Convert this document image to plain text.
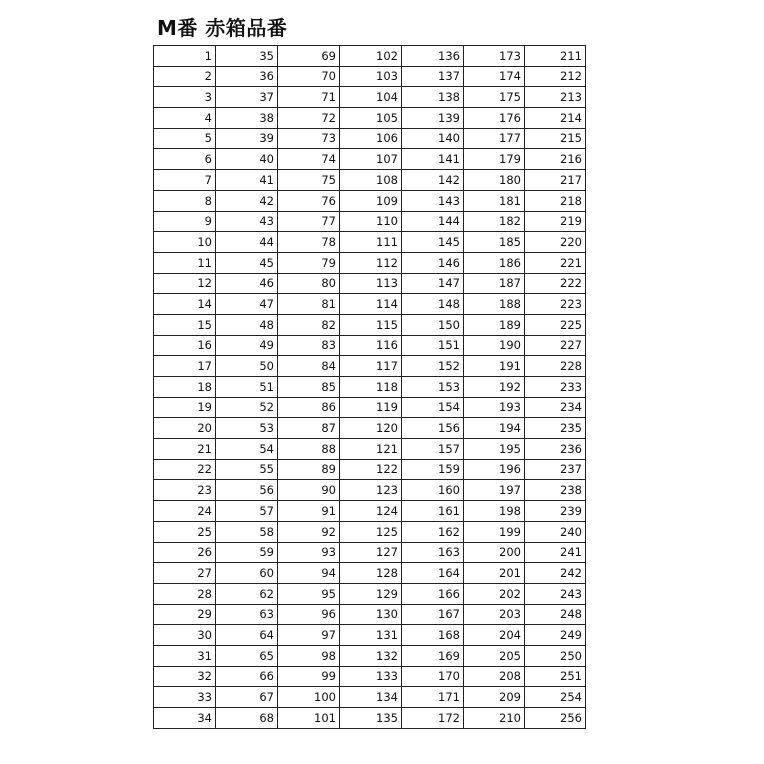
M番 赤箱品番
1	35	69	102	136	173	211
2	36	70	103	137	174	212
3	37	71	104	138	175	213
4	38	72	105	139	176	214
5	39	73	106	140	177	215
6	40	74	107	141	179	216
7	41	75	108	142	180	217
8	42	76	109	143	181	218
9	43	77	110	144	182	219
10	44	78	111	145	185	220
11	45	79	112	146	186	221
12	46	80	113	147	187	222
14	47	81	114	148	188	223
15	48	82	115	150	189	225
16	49	83	116	151	190	227
17	50	84	117	152	191	228
18	51	85	118	153	192	233
19	52	86	119	154	193	234
20	53	87	120	156	194	235
21	54	88	121	157	195	236
22	55	89	122	159	196	237
23	56	90	123	160	197	238
24	57	91	124	161	198	239
25	58	92	125	162	199	240
26	59	93	127	163	200	241
27	60	94	128	164	201	242
28	62	95	129	166	202	243
29	63	96	130	167	203	248
30	64	97	131	168	204	249
31	65	98	132	169	205	250
32	66	99	133	170	208	251
33	67	100	134	171	209	254
34	68	101	135	172	210	256
